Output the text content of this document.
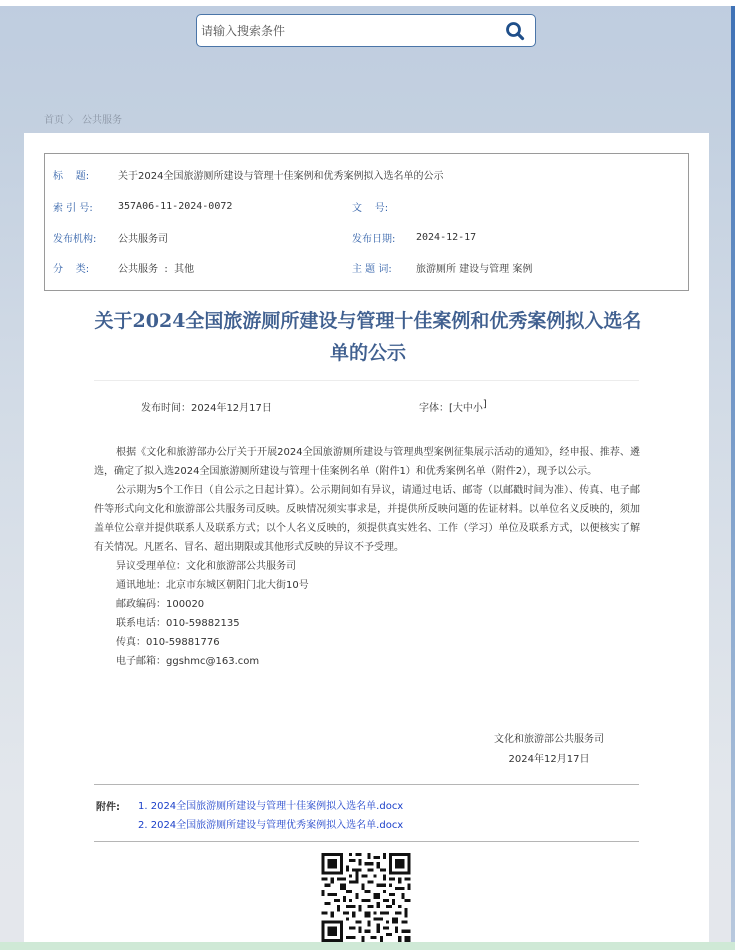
请输入搜索条件
首页 〉 公共服务
标    题:	关于2024全国旅游厕所建设与管理十佳案例和优秀案例拟入选名单的公示
索 引 号:	357A06-11-2024-0072	文    号:
发布机构: 公共服务司	发布日期: 2024-12-17
分    类:	公共服务  :  其他	主 题 词: 旅游厕所 建设与管理 案例
关于2024全国旅游厕所建设与管理十佳案例和优秀案例拟入选名单的公示
发布时间：2024年12月17日	字体：[ 大 中 小 ]

根据《文化和旅游部办公厅关于开展2024全国旅游厕所建设与管理典型案例征集展示活动的通知》，经申报、推荐、遴选，确定了拟入选2024全国旅游厕所建设与管理十佳案例名单（附件1）和优秀案例名单（附件2），现予以公示。

公示期为5个工作日（自公示之日起计算）。公示期间如有异议，请通过电话、邮寄（以邮戳时间为准）、传真、电子邮件等形式向文化和旅游部公共服务司反映。反映情况须实事求是，并提供所反映问题的佐证材料。以单位名义反映的，须加盖单位公章并提供联系人及联系方式；以个人名义反映的，须提供真实姓名、工作（学习）单位及联系方式，以便核实了解有关情况。凡匿名、冒名、超出期限或其他形式反映的异议不予受理。

异议受理单位：文化和旅游部公共服务司

通讯地址：北京市东城区朝阳门北大街10号

邮政编码：100020

联系电话：010-59882135

传真：010-59881776

电子邮箱：ggshmc@163.com

文化和旅游部公共服务司
2024年12月17日
附件: 1. 2024全国旅游厕所建设与管理十佳案例拟入选名单.docx
2. 2024全国旅游厕所建设与管理优秀案例拟入选名单.docx
